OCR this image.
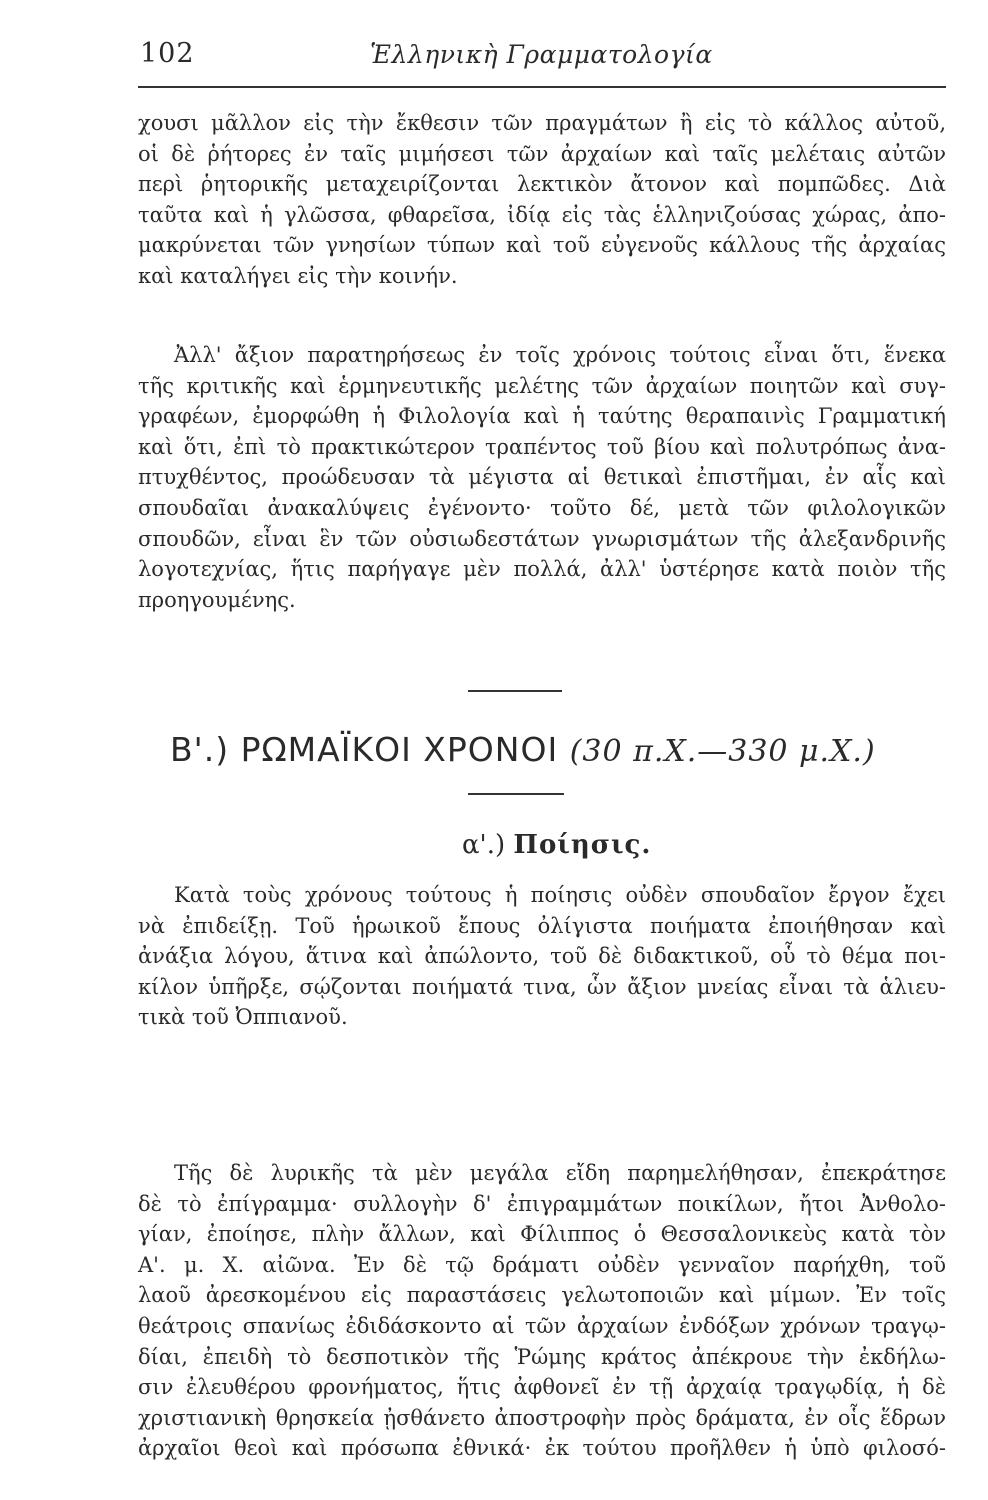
102	Ἑλληνικὴ Γραμματολογία
χουσι μᾶλλον εἰς τὴν ἔκθεσιν τῶν πραγμάτων ἢ εἰς τὸ κάλλος αὐτοῦ,
οἱ δὲ ῥήτορες ἐν ταῖς μιμήσεσι τῶν ἀρχαίων καὶ ταῖς μελέταις αὐτῶν
περὶ ῥητορικῆς μεταχειρίζονται λεκτικὸν ἄτονον καὶ πομπῶδες. Διὰ
ταῦτα καὶ ἡ γλῶσσα, φθαρεῖσα, ἰδίᾳ εἰς τὰς ἑλληνιζούσας χώρας, ἀπο-
μακρύνεται τῶν γνησίων τύπων καὶ τοῦ εὐγενοῦς κάλλους τῆς ἀρχαίας
καὶ καταλήγει εἰς τὴν κοινήν.
Ἀλλ' ἄξιον παρατηρήσεως ἐν τοῖς χρόνοις τούτοις εἶναι ὅτι, ἕνεκα
τῆς κριτικῆς καὶ ἑρμηνευτικῆς μελέτης τῶν ἀρχαίων ποιητῶν καὶ συγ-
γραφέων, ἐμορφώθη ἡ Φιλολογία καὶ ἡ ταύτης θεραπαινὶς Γραμματική
καὶ ὅτι, ἐπὶ τὸ πρακτικώτερον τραπέντος τοῦ βίου καὶ πολυτρόπως ἀνα-
πτυχθέντος, προώδευσαν τὰ μέγιστα αἱ θετικαὶ ἐπιστῆμαι, ἐν αἷς καὶ
σπουδαῖαι ἀνακαλύψεις ἐγένοντο· τοῦτο δέ, μετὰ τῶν φιλολογικῶν
σπουδῶν, εἶναι ἓν τῶν οὐσιωδεστάτων γνωρισμάτων τῆς ἀλεξανδρινῆς
λογοτεχνίας, ἥτις παρήγαγε μὲν πολλά, ἀλλ' ὑστέρησε κατὰ ποιὸν τῆς
προηγουμένης.
Β'.) ΡΩΜΑΪΚΟΙ ΧΡΟΝΟΙ (30 π.Χ.—330 μ.Χ.)
α'.) Ποίησις.
Κατὰ τοὺς χρόνους τούτους ἡ ποίησις οὐδὲν σπουδαῖον ἔργον ἔχει
νὰ ἐπιδείξῃ. Τοῦ ἡρωικοῦ ἔπους ὀλίγιστα ποιήματα ἐποιήθησαν καὶ
ἀνάξια λόγου, ἅτινα καὶ ἀπώλοντο, τοῦ δὲ διδακτικοῦ, οὗ τὸ θέμα ποι-
κίλον ὑπῆρξε, σῴζονται ποιήματά τινα, ὧν ἄξιον μνείας εἶναι τὰ ἁλιευ-
τικὰ τοῦ Ὀππιανοῦ.
Τῆς δὲ λυρικῆς τὰ μὲν μεγάλα εἴδη παρημελήθησαν, ἐπεκράτησε
δὲ τὸ ἐπίγραμμα· συλλογὴν δ' ἐπιγραμμάτων ποικίλων, ἤτοι Ἀνθολο-
γίαν, ἐποίησε, πλὴν ἄλλων, καὶ Φίλιππος ὁ Θεσσαλονικεὺς κατὰ τὸν
Α'. μ. Χ. αἰῶνα. Ἐν δὲ τῷ δράματι οὐδὲν γενναῖον παρήχθη, τοῦ
λαοῦ ἀρεσκομένου εἰς παραστάσεις γελωτοποιῶν καὶ μίμων. Ἐν τοῖς
θεάτροις σπανίως ἐδιδάσκοντο αἱ τῶν ἀρχαίων ἐνδόξων χρόνων τραγῳ-
δίαι, ἐπειδὴ τὸ δεσποτικὸν τῆς Ῥώμης κράτος ἀπέκρουε τὴν ἐκδήλω-
σιν ἐλευθέρου φρονήματος, ἥτις ἀφθονεῖ ἐν τῇ ἀρχαίᾳ τραγῳδίᾳ, ἡ δὲ
χριστιανικὴ θρησκεία ᾐσθάνετο ἀποστροφὴν πρὸς δράματα, ἐν οἷς ἕδρων
ἀρχαῖοι θεοὶ καὶ πρόσωπα ἐθνικά· ἐκ τούτου προῆλθεν ἡ ὑπὸ φιλοσό-
